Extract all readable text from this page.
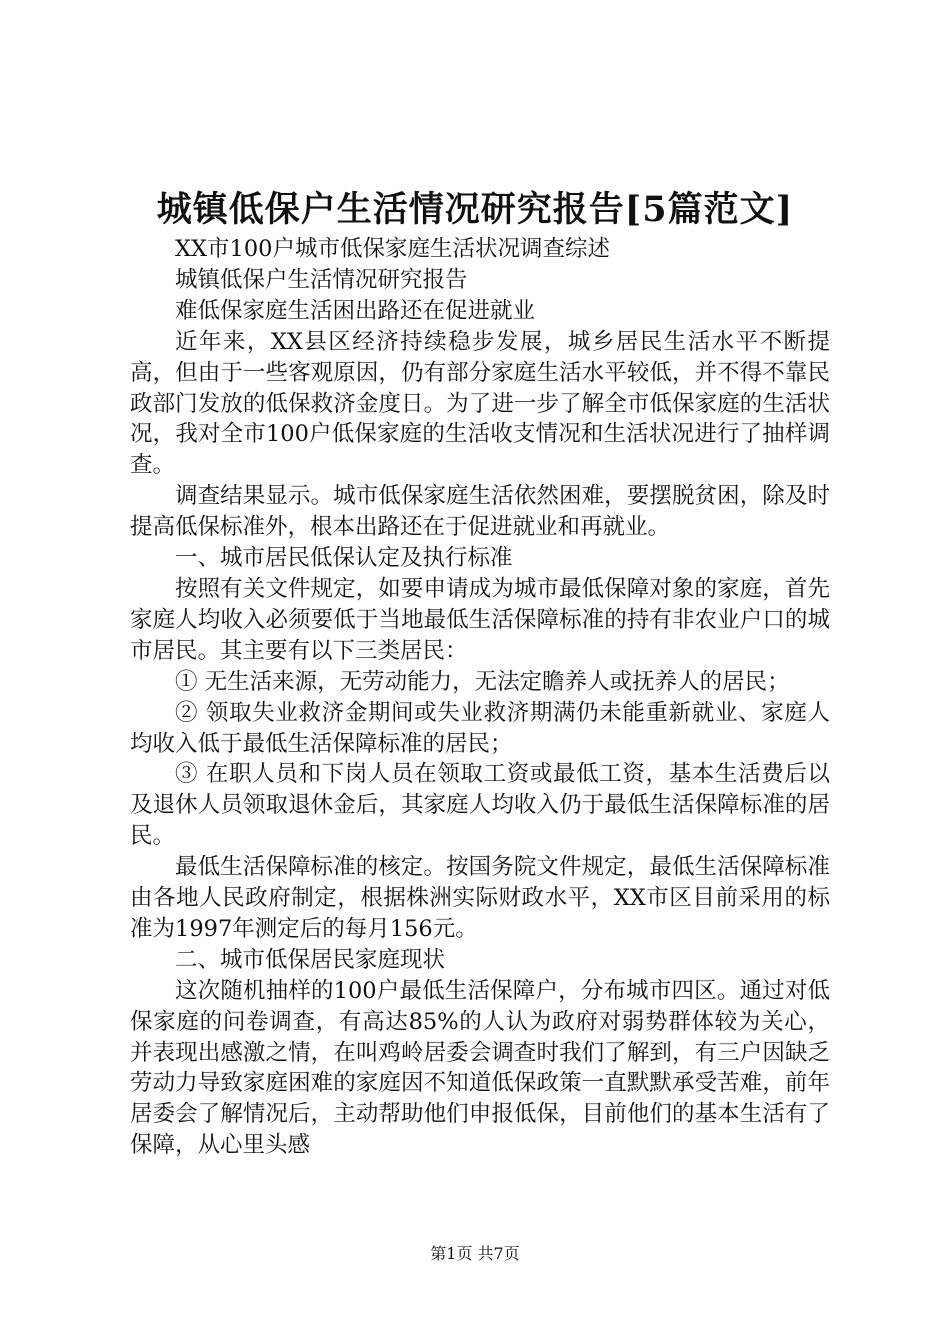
城镇低保户生活情况研究报告[5篇范文]

XX市100户城市低保家庭生活状况调查综述

城镇低保户生活情况研究报告

难低保家庭生活困出路还在促进就业

近年来，XX县区经济持续稳步发展，城乡居民生活水平不断提高，但由于一些客观原因，仍有部分家庭生活水平较低，并不得不靠民政部门发放的低保救济金度日。为了进一步了解全市低保家庭的生活状况，我对全市100户低保家庭的生活收支情况和生活状况进行了抽样调查。

调查结果显示。城市低保家庭生活依然困难，要摆脱贫困，除及时提高低保标准外，根本出路还在于促进就业和再就业。

一、城市居民低保认定及执行标准

按照有关文件规定，如要申请成为城市最低保障对象的家庭，首先家庭人均收入必须要低于当地最低生活保障标准的持有非农业户口的城市居民。其主要有以下三类居民：

① 无生活来源，无劳动能力，无法定瞻养人或抚养人的居民；

② 领取失业救济金期间或失业救济期满仍未能重新就业、家庭人均收入低于最低生活保障标准的居民；

③ 在职人员和下岗人员在领取工资或最低工资，基本生活费后以及退休人员领取退休金后，其家庭人均收入仍于最低生活保障标准的居民。

最低生活保障标准的核定。按国务院文件规定，最低生活保障标准由各地人民政府制定，根据株洲实际财政水平，XX市区目前采用的标准为1997年测定后的每月156元。

二、城市低保居民家庭现状

这次随机抽样的100户最低生活保障户，分布城市四区。通过对低保家庭的问卷调查，有高达85%的人认为政府对弱势群体较为关心，并表现出感激之情，在叫鸡岭居委会调查时我们了解到，有三户因缺乏劳动力导致家庭困难的家庭因不知道低保政策一直默默承受苦难，前年居委会了解情况后，主动帮助他们申报低保，目前他们的基本生活有了保障，从心里头感

第1页 共7页
